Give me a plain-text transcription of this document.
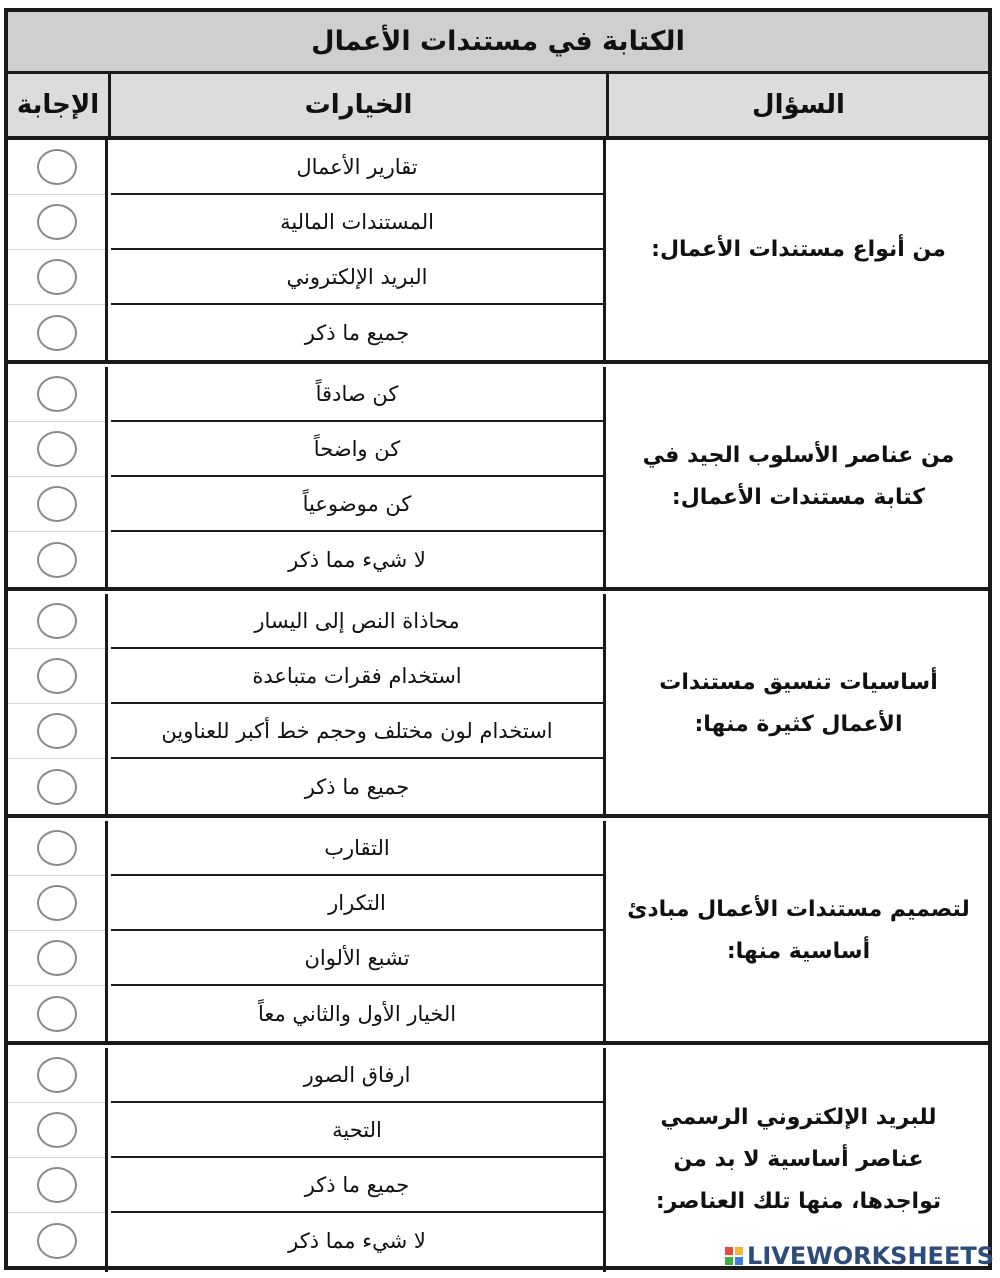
الكتابة في مستندات الأعمال
الإجابة	الخيارات	السؤال
تقارير الأعمال
المستندات المالية
البريد الإلكتروني
جميع ما ذكر
من أنواع مستندات الأعمال:
كن صادقاً
كن واضحاً
كن موضوعياً
لا شيء مما ذكر
من عناصر الأسلوب الجيد في كتابة مستندات الأعمال:
محاذاة النص إلى اليسار
استخدام فقرات متباعدة
استخدام لون مختلف وحجم خط أكبر للعناوين
جميع ما ذكر
أساسيات تنسيق مستندات الأعمال كثيرة منها:
التقارب
التكرار
تشبع الألوان
الخيار الأول والثاني معاً
لتصميم مستندات الأعمال مبادئ أساسية منها:
ارفاق الصور
التحية
جميع ما ذكر
لا شيء مما ذكر
للبريد الإلكتروني الرسمي عناصر أساسية لا بد من تواجدها، منها تلك العناصر:
LIVEWORKSHEETS
